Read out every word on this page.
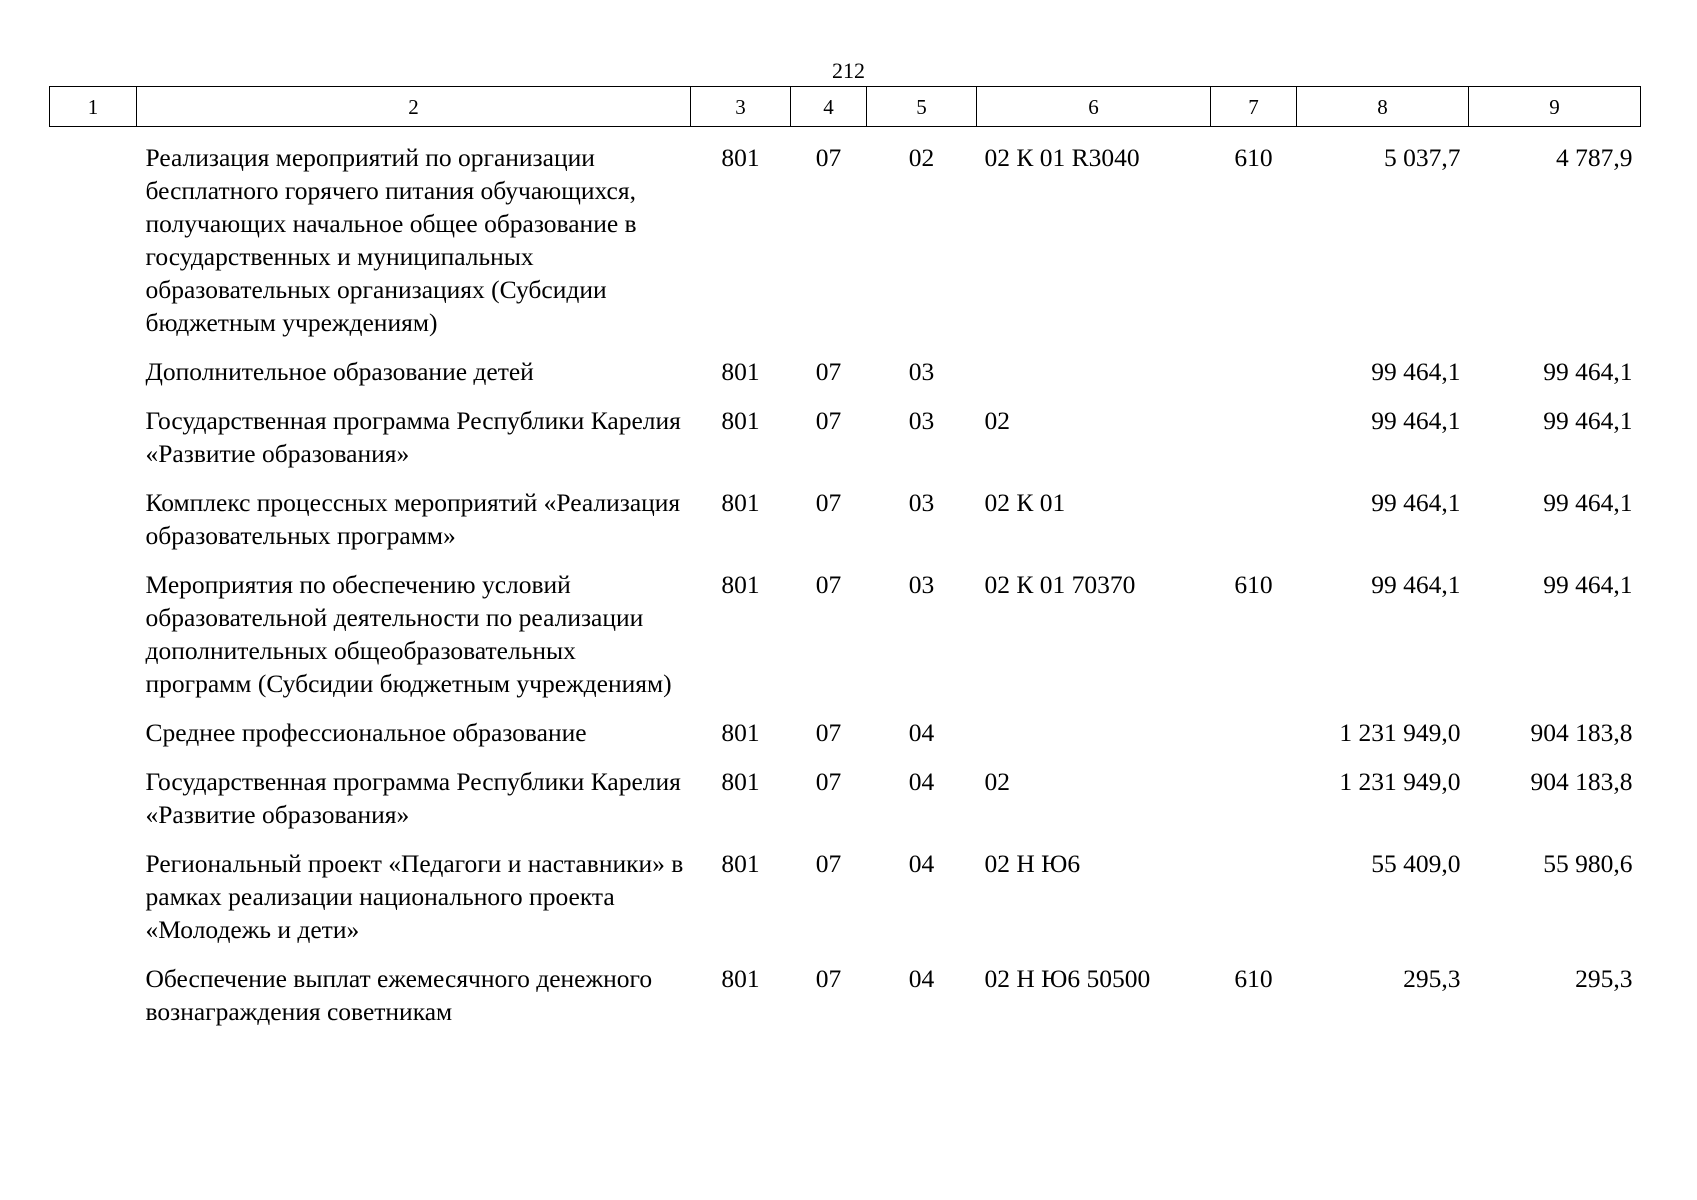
212
1	2	3	4	5	6	7	8	9
	Реализация мероприятий по организации бесплатного горячего питания обучающихся, получающих начальное общее образование в государственных и муниципальных образовательных организациях (Субсидии бюджетным учреждениям)	801	07	02	02 К 01 R3040	610	5 037,7	4 787,9
	Дополнительное образование детей	801	07	03			99 464,1	99 464,1
	Государственная программа Республики Карелия «Развитие образования»	801	07	03	02		99 464,1	99 464,1
	Комплекс процессных мероприятий «Реализация образовательных программ»	801	07	03	02 К 01		99 464,1	99 464,1
	Мероприятия по обеспечению условий образовательной деятельности по реализации дополнительных общеобразовательных программ (Субсидии бюджетным учреждениям)	801	07	03	02 К 01 70370	610	99 464,1	99 464,1
	Среднее профессиональное образование	801	07	04			1 231 949,0	904 183,8
	Государственная программа Республики Карелия «Развитие образования»	801	07	04	02		1 231 949,0	904 183,8
	Региональный проект «Педагоги и наставники» в рамках реализации национального проекта «Молодежь и дети»	801	07	04	02 Н Ю6		55 409,0	55 980,6
	Обеспечение выплат ежемесячного денежного вознаграждения советникам	801	07	04	02 Н Ю6 50500	610	295,3	295,3
